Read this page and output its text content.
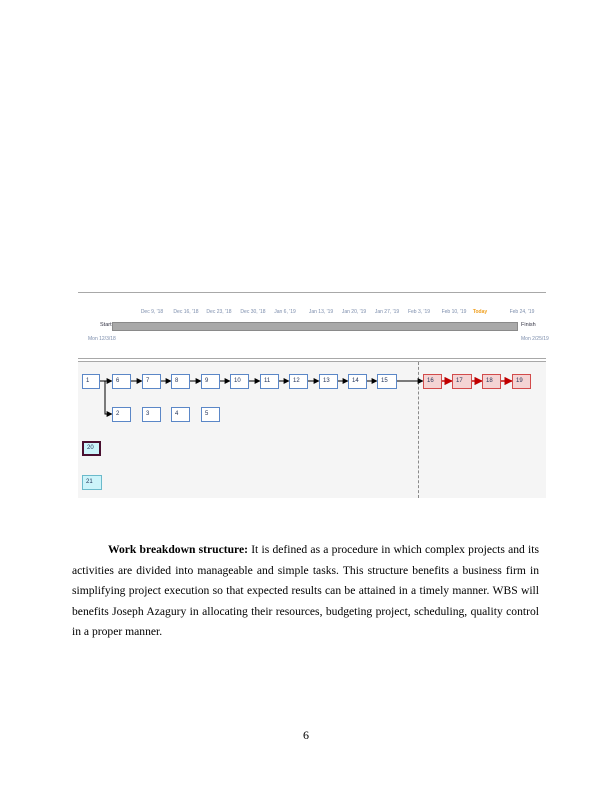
Dec 9, '18 Dec 16, '18 Dec 23, '18 Dec 30, '18 Jan 6, '19	Jan 13, '19 Jan 20, '19 Jan 27, '19 Feb 3, '19 Feb 10, '19 Today	Feb 24, '19
Start	Finish
Mon 12/3/18	Mon 2/25/19
1	6	7	8	9	10	11	12	13	14	15	16	17	18	19
2	3	4	5
20
21

Work breakdown structure: It is defined as a procedure in which complex projects and its activities are divided into manageable and simple tasks. This structure benefits a business firm in simplifying project execution so that expected results can be attained in a timely manner. WBS will benefits Joseph Azagury in allocating their resources, budgeting project, scheduling, quality control in a proper manner.

6
